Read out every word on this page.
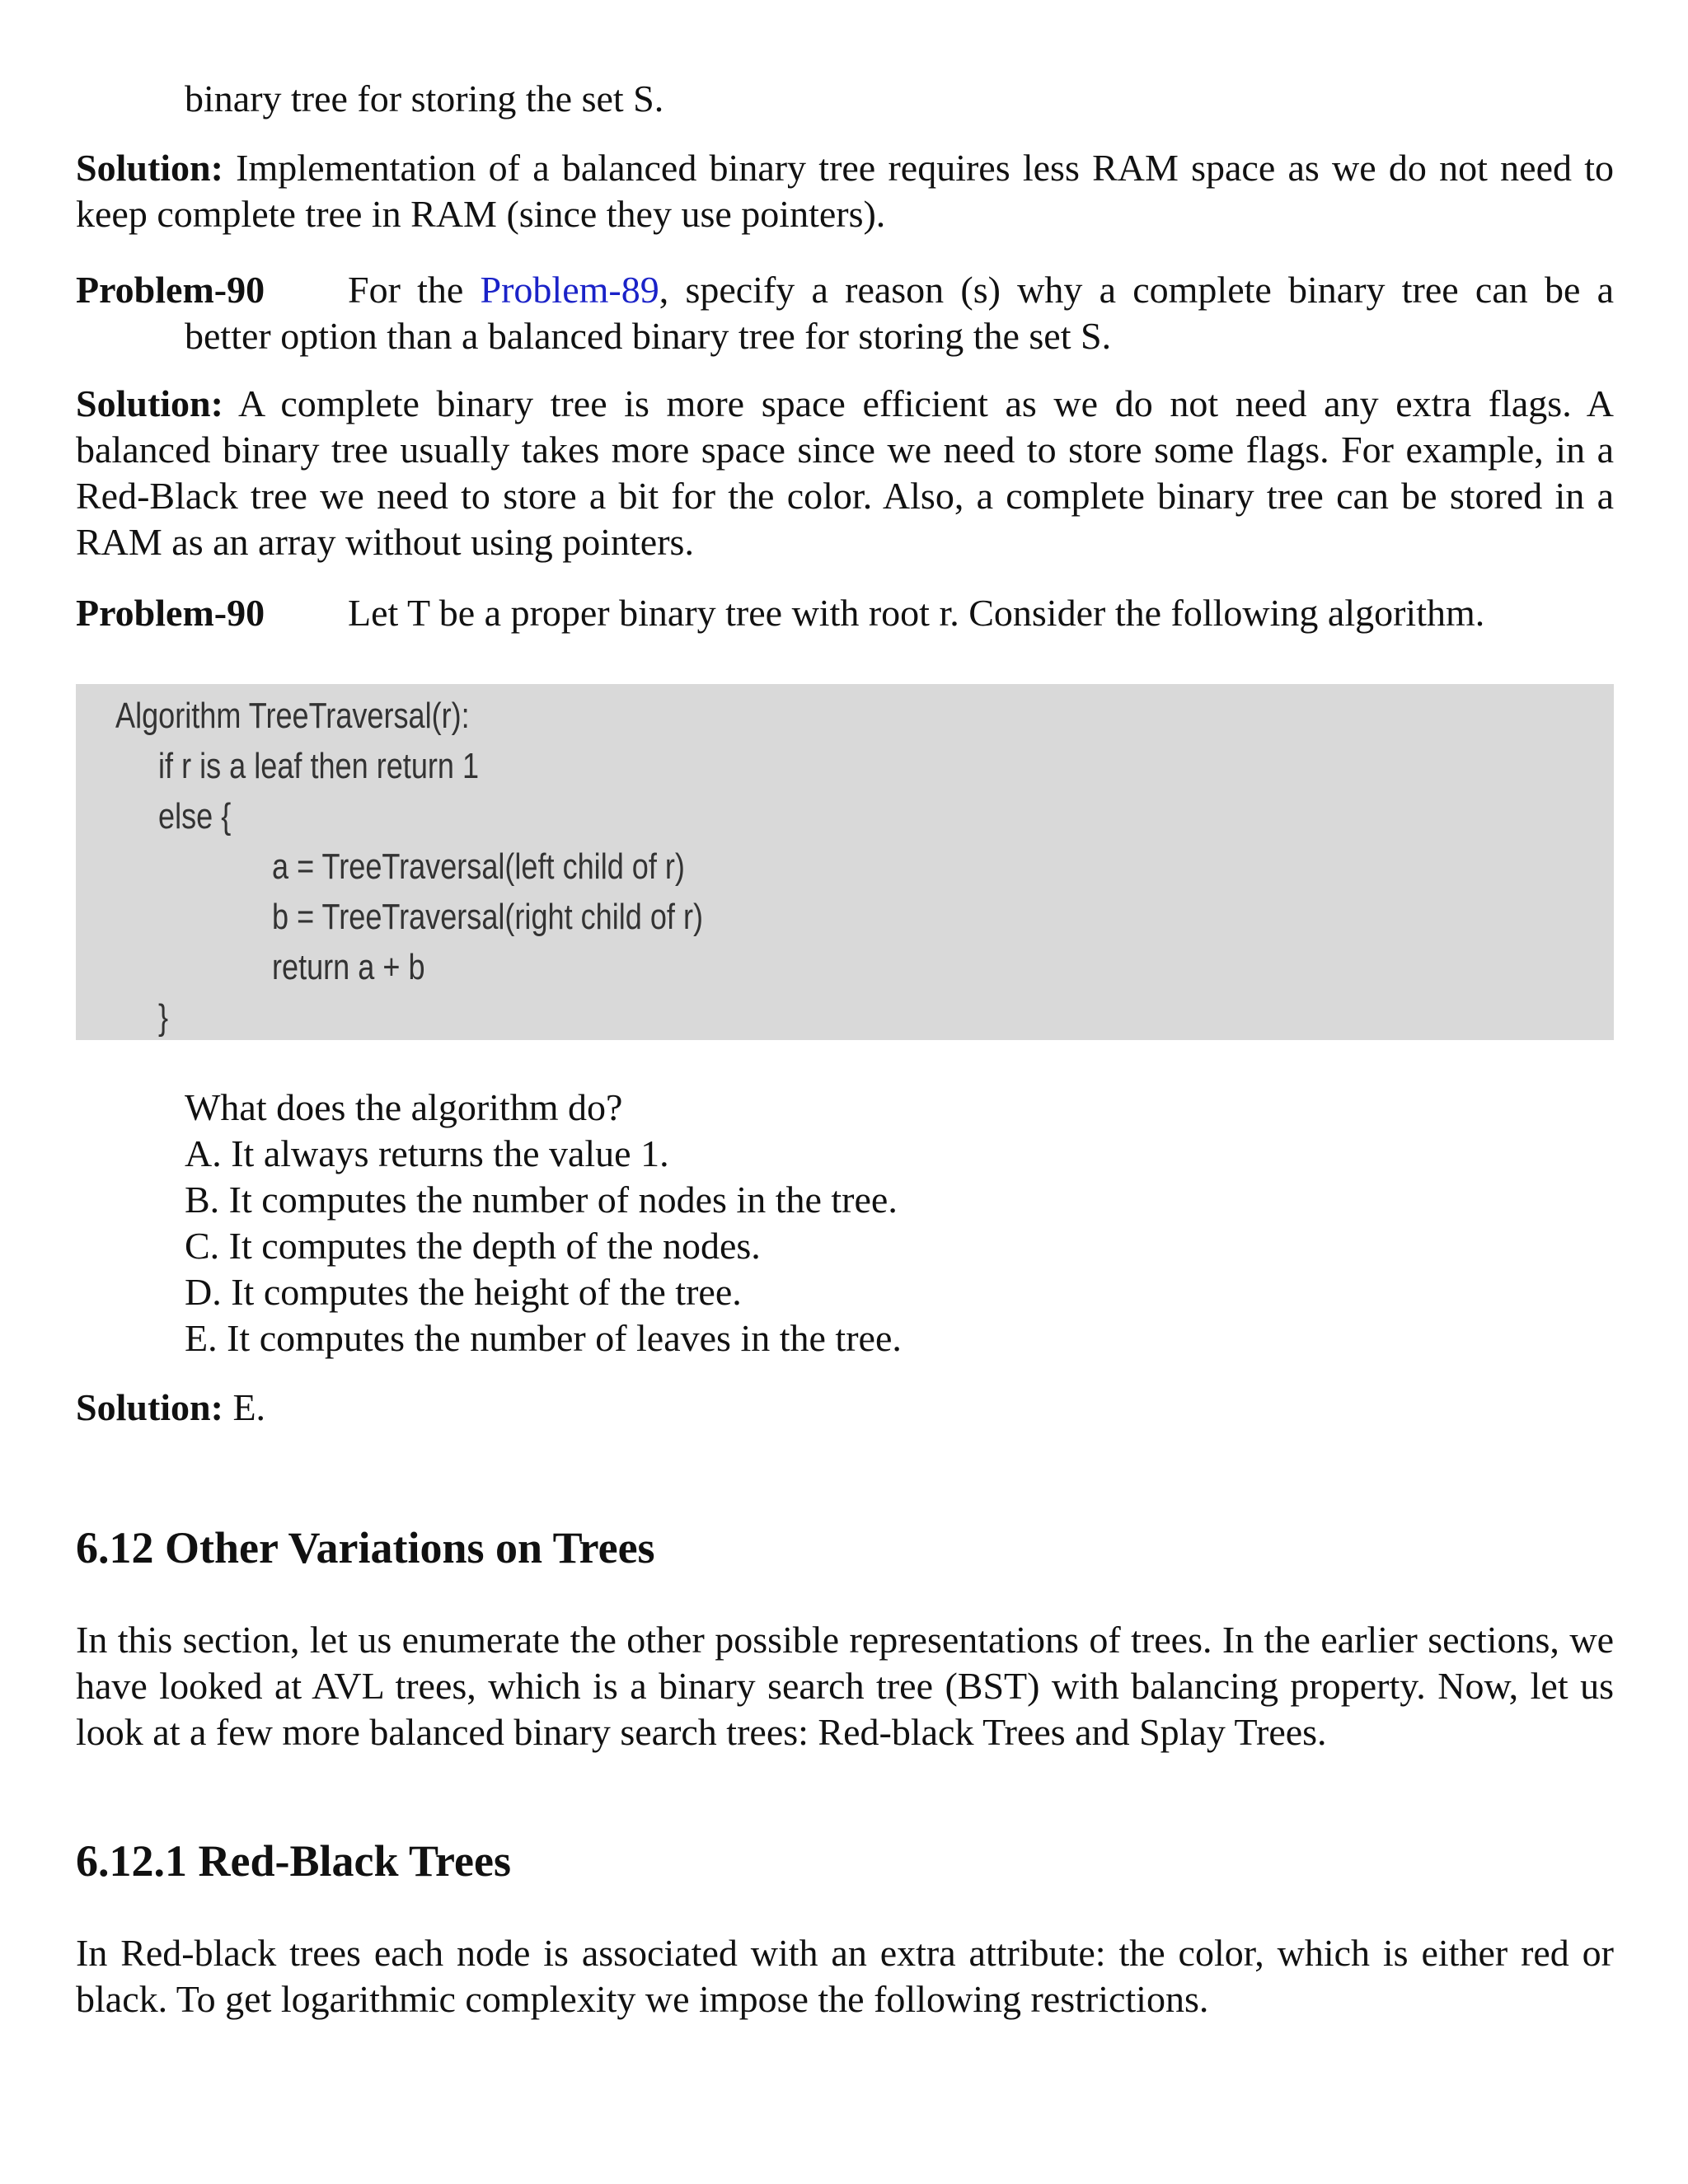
binary tree for storing the set S.

Solution: Implementation of a balanced binary tree requires less RAM space as we do not need to keep complete tree in RAM (since they use pointers).

Problem-90 For the Problem-89, specify a reason (s) why a complete binary tree can be a
better option than a balanced binary tree for storing the set S.

Solution: A complete binary tree is more space efficient as we do not need any extra flags. A balanced binary tree usually takes more space since we need to store some flags. For example, in a Red-Black tree we need to store a bit for the color. Also, a complete binary tree can be stored in a RAM as an array without using pointers.

Problem-90 Let T be a proper binary tree with root r. Consider the following algorithm.
Algorithm TreeTraversal(r):
if r is a leaf then return 1
else {
a = TreeTraversal(left child of r)
b = TreeTraversal(right child of r)
return a + b
}
What does the algorithm do?
A. It always returns the value 1.
B. It computes the number of nodes in the tree.
C. It computes the depth of the nodes.
D. It computes the height of the tree.
E. It computes the number of leaves in the tree.

Solution: E.

6.12 Other Variations on Trees

In this section, let us enumerate the other possible representations of trees. In the earlier sections, we have looked at AVL trees, which is a binary search tree (BST) with balancing property. Now, let us look at a few more balanced binary search trees: Red-black Trees and Splay Trees.

6.12.1 Red-Black Trees

In Red-black trees each node is associated with an extra attribute: the color, which is either red or black. To get logarithmic complexity we impose the following restrictions.
